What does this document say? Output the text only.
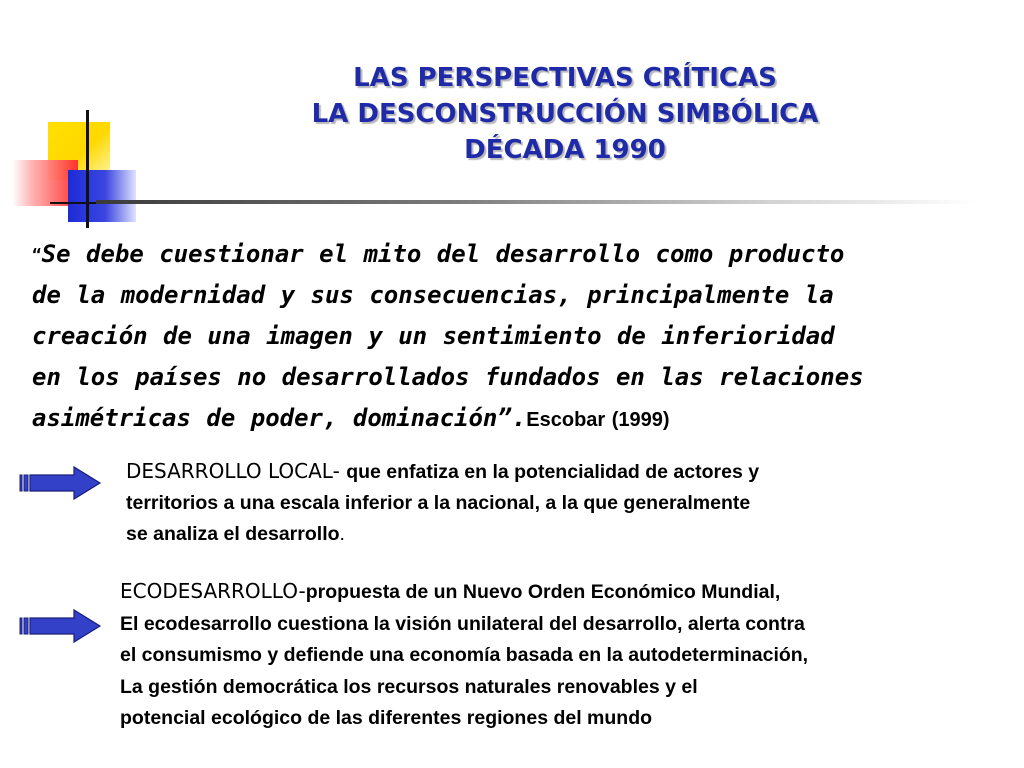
LAS PERSPECTIVAS CRÍTICAS
LA DESCONSTRUCCIÓN SIMBÓLICA
DÉCADA 1990
“Se debe cuestionar el mito del desarrollo como producto
de la modernidad y sus consecuencias, principalmente la
creación de una imagen y un sentimiento de inferioridad
en los países no desarrollados fundados en las relaciones
asimétricas de poder, dominación”.Escobar (1999)
DESARROLLO LOCAL- que enfatiza en la potencialidad de actores y
territorios a una escala inferior a la nacional, a la que generalmente
se analiza el desarrollo.
ECODESARROLLO-propuesta de un Nuevo Orden Económico Mundial,
El ecodesarrollo cuestiona la visión unilateral del desarrollo, alerta contra
el consumismo y defiende una economía basada en la autodeterminación,
La gestión democrática los recursos naturales renovables y el
potencial ecológico de las diferentes regiones del mundo
